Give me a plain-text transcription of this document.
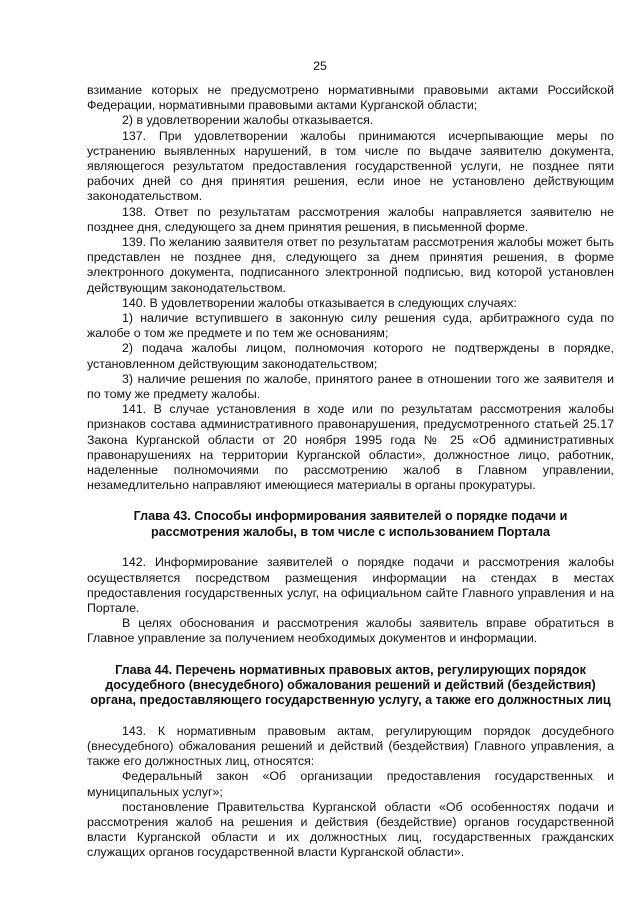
25

взимание которых не предусмотрено нормативными правовыми актами Российской Федерации, нормативными правовыми актами Курганской области;

2) в удовлетворении жалобы отказывается.

137. При удовлетворении жалобы принимаются исчерпывающие меры по устранению выявленных нарушений, в том числе по выдаче заявителю документа, являющегося результатом предоставления государственной услуги, не позднее пяти рабочих дней со дня принятия решения, если иное не установлено действующим законодательством.

138. Ответ по результатам рассмотрения жалобы направляется заявителю не позднее дня, следующего за днем принятия решения, в письменной форме.

139. По желанию заявителя ответ по результатам рассмотрения жалобы может быть представлен не позднее дня, следующего за днем принятия решения, в форме электронного документа, подписанного электронной подписью, вид которой установлен действующим законодательством.

140. В удовлетворении жалобы отказывается в следующих случаях:

1) наличие вступившего в законную силу решения суда, арбитражного суда по жалобе о том же предмете и по тем же основаниям;

2) подача жалобы лицом, полномочия которого не подтверждены в порядке, установленном действующим законодательством;

3) наличие решения по жалобе, принятого ранее в отношении того же заявителя и по тому же предмету жалобы.

141. В случае установления в ходе или по результатам рассмотрения жалобы признаков состава административного правонарушения, предусмотренного статьей 25.17 Закона Курганской области от 20 ноября 1995 года № 25 «Об административных правонарушениях на территории Курганской области», должностное лицо, работник, наделенные полномочиями по рассмотрению жалоб в Главном управлении, незамедлительно направляют имеющиеся материалы в органы прокуратуры.

Глава 43. Способы информирования заявителей о порядке подачи и
рассмотрения жалобы, в том числе с использованием Портала

142. Информирование заявителей о порядке подачи и рассмотрения жалобы осуществляется посредством размещения информации на стендах в местах предоставления государственных услуг, на официальном сайте Главного управления и на Портале.

В целях обоснования и рассмотрения жалобы заявитель вправе обратиться в Главное управление за получением необходимых документов и информации.

Глава 44. Перечень нормативных правовых актов, регулирующих порядок
досудебного (внесудебного) обжалования решений и действий (бездействия)
органа, предоставляющего государственную услугу, а также его должностных лиц

143. К нормативным правовым актам, регулирующим порядок досудебного (внесудебного) обжалования решений и действий (бездействия) Главного управления, а также его должностных лиц, относятся:

Федеральный закон «Об организации предоставления государственных и муниципальных услуг»;

постановление Правительства Курганской области «Об особенностях подачи и рассмотрения жалоб на решения и действия (бездействие) органов государственной власти Курганской области и их должностных лиц, государственных гражданских служащих органов государственной власти Курганской области».
